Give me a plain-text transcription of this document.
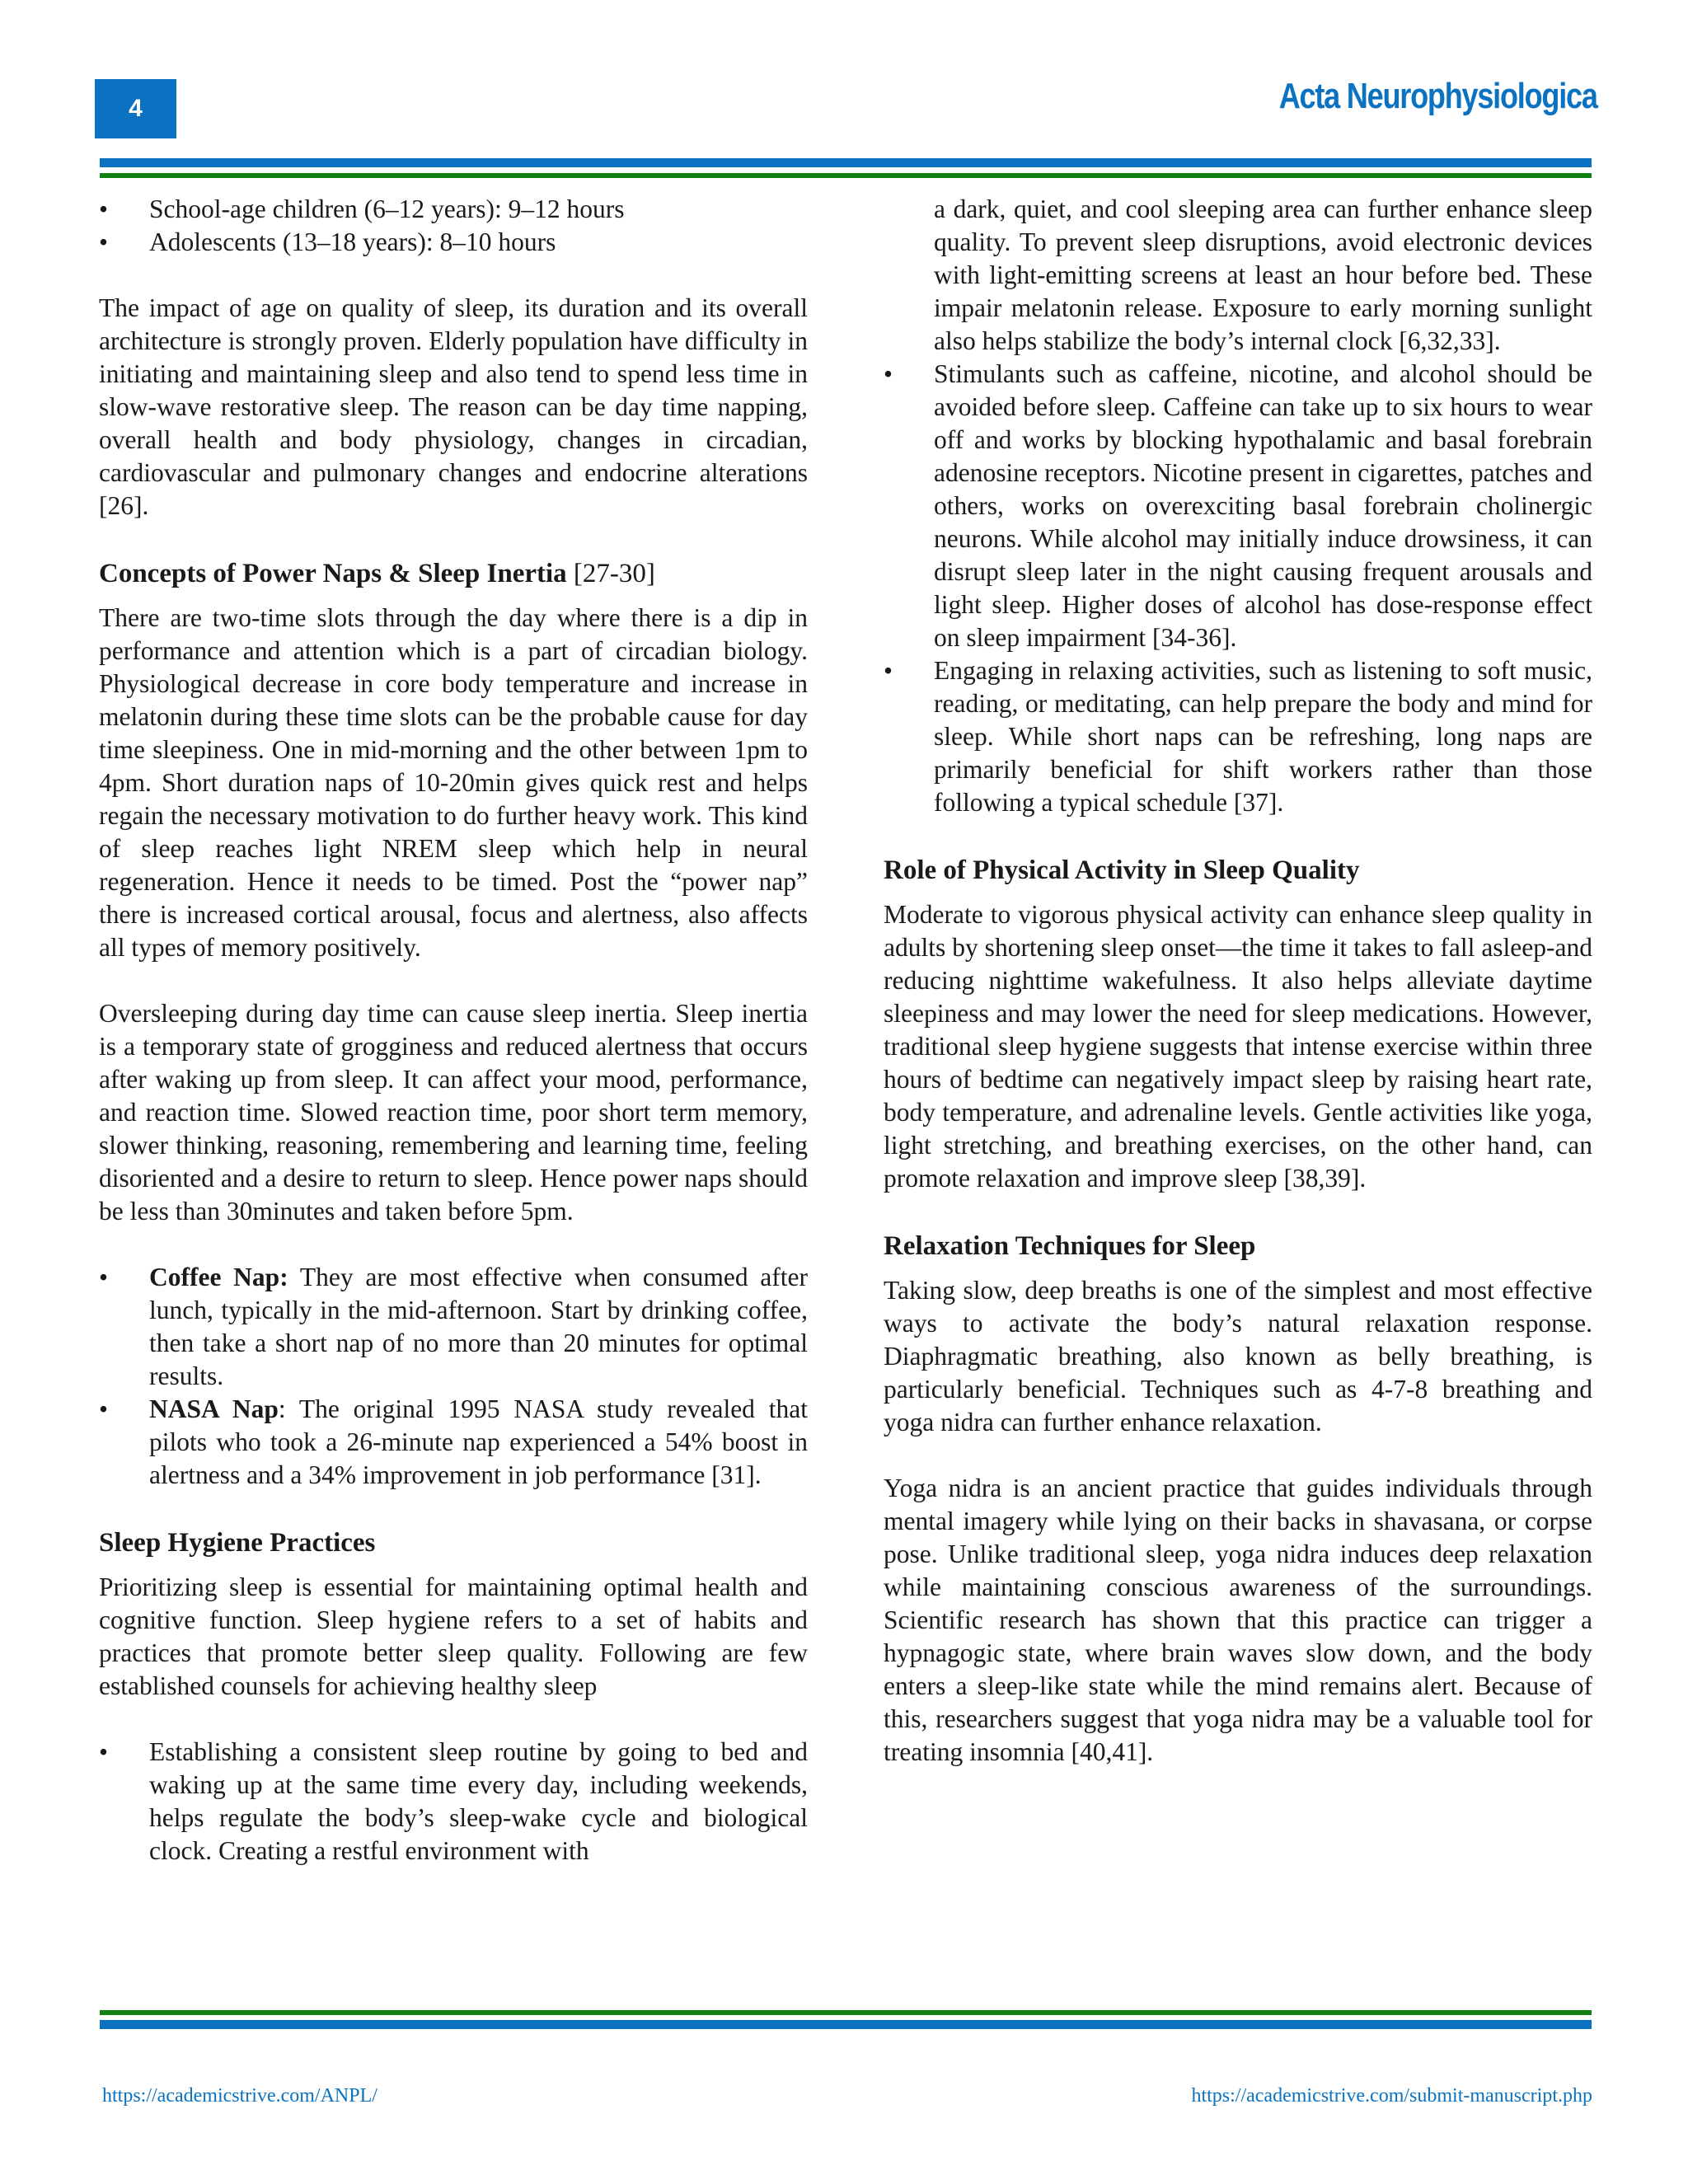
4	Acta Neurophysiologica
• School-age children (6–12 years): 9–12 hours
• Adolescents (13–18 years): 8–10 hours

The impact of age on quality of sleep, its duration and its overall architecture is strongly proven. Elderly population have difficulty in initiating and maintaining sleep and also tend to spend less time in slow-wave restorative sleep. The reason can be day time napping, overall health and body physiology, changes in circadian, cardiovascular and pulmonary changes and endocrine alterations [26].

Concepts of Power Naps & Sleep Inertia [27-30]

There are two-time slots through the day where there is a dip in performance and attention which is a part of circadian biology. Physiological decrease in core body temperature and increase in melatonin during these time slots can be the probable cause for day time sleepiness. One in mid-morning and the other between 1pm to 4pm. Short duration naps of 10-20min gives quick rest and helps regain the necessary motivation to do further heavy work. This kind of sleep reaches light NREM sleep which help in neural regeneration. Hence it needs to be timed. Post the “power nap” there is increased cortical arousal, focus and alertness, also affects all types of memory positively.

Oversleeping during day time can cause sleep inertia. Sleep inertia is a temporary state of grogginess and reduced alertness that occurs after waking up from sleep. It can affect your mood, performance, and reaction time. Slowed reaction time, poor short term memory, slower thinking, reasoning, remembering and learning time, feeling disoriented and a desire to return to sleep. Hence power naps should be less than 30minutes and taken before 5pm.

• Coffee Nap: They are most effective when consumed after lunch, typically in the mid-afternoon. Start by drinking coffee, then take a short nap of no more than 20 minutes for optimal results.
• NASA Nap: The original 1995 NASA study revealed that pilots who took a 26-minute nap experienced a 54% boost in alertness and a 34% improvement in job performance [31].
Sleep Hygiene Practices

Prioritizing sleep is essential for maintaining optimal health and cognitive function. Sleep hygiene refers to a set of habits and practices that promote better sleep quality. Following are few established counsels for achieving healthy sleep

• Establishing a consistent sleep routine by going to bed and waking up at the same time every day, including weekends, helps regulate the body’s sleep-wake cycle and biological clock. Creating a restful environment with
a dark, quiet, and cool sleeping area can further enhance sleep quality. To prevent sleep disruptions, avoid electronic devices with light-emitting screens at least an hour before bed. These impair melatonin release. Exposure to early morning sunlight also helps stabilize the body’s internal clock [6,32,33].
• Stimulants such as caffeine, nicotine, and alcohol should be avoided before sleep. Caffeine can take up to six hours to wear off and works by blocking hypothalamic and basal forebrain adenosine receptors. Nicotine present in cigarettes, patches and others, works on overexciting basal forebrain cholinergic neurons. While alcohol may initially induce drowsiness, it can disrupt sleep later in the night causing frequent arousals and light sleep. Higher doses of alcohol has dose-response effect on sleep impairment [34-36].
• Engaging in relaxing activities, such as listening to soft music, reading, or meditating, can help prepare the body and mind for sleep. While short naps can be refreshing, long naps are primarily beneficial for shift workers rather than those following a typical schedule [37].
Role of Physical Activity in Sleep Quality

Moderate to vigorous physical activity can enhance sleep quality in adults by shortening sleep onset—the time it takes to fall asleep-and reducing nighttime wakefulness. It also helps alleviate daytime sleepiness and may lower the need for sleep medications. However, traditional sleep hygiene suggests that intense exercise within three hours of bedtime can negatively impact sleep by raising heart rate, body temperature, and adrenaline levels. Gentle activities like yoga, light stretching, and breathing exercises, on the other hand, can promote relaxation and improve sleep [38,39].

Relaxation Techniques for Sleep

Taking slow, deep breaths is one of the simplest and most effective ways to activate the body’s natural relaxation response. Diaphragmatic breathing, also known as belly breathing, is particularly beneficial. Techniques such as 4-7-8 breathing and yoga nidra can further enhance relaxation.

Yoga nidra is an ancient practice that guides individuals through mental imagery while lying on their backs in shavasana, or corpse pose. Unlike traditional sleep, yoga nidra induces deep relaxation while maintaining conscious awareness of the surroundings. Scientific research has shown that this practice can trigger a hypnagogic state, where brain waves slow down, and the body enters a sleep-like state while the mind remains alert. Because of this, researchers suggest that yoga nidra may be a valuable tool for treating insomnia [40,41].

https://academicstrive.com/ANPL/	https://academicstrive.com/submit-manuscript.php
